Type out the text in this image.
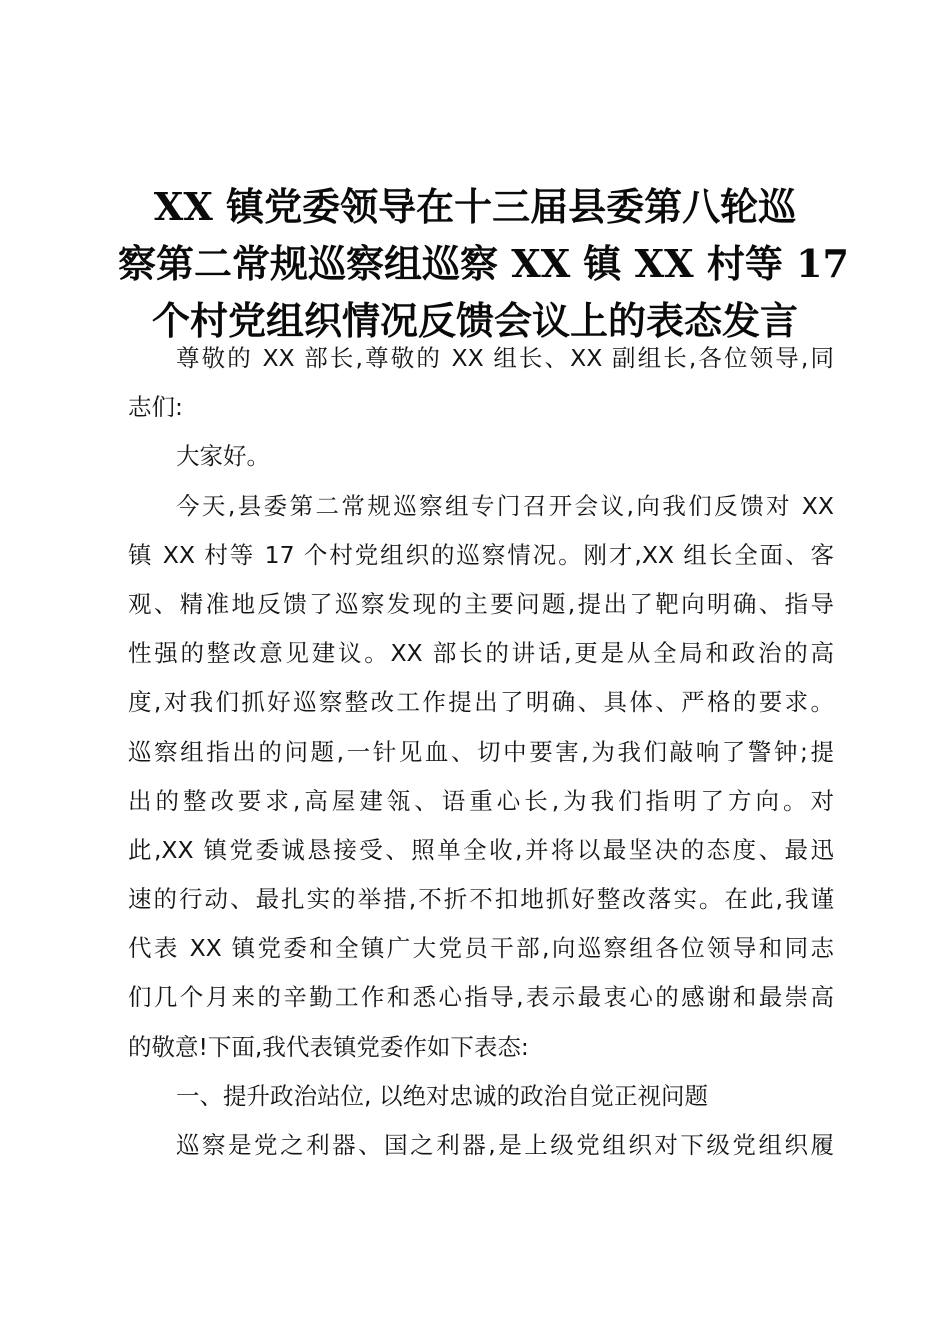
XX 镇党委领导在十三届县委第八轮巡
察第二常规巡察组巡察 XX 镇 XX 村等 17
个村党组织情况反馈会议上的表态发言
尊敬的 XX 部长,尊敬的 XX 组长、XX 副组长,各位领导,同
志们:
大家好。
今天,县委第二常规巡察组专门召开会议,向我们反馈对 XX
镇 XX 村等 17 个村党组织的巡察情况。刚才,XX 组长全面、客
观、精准地反馈了巡察发现的主要问题,提出了靶向明确、指导
性强的整改意见建议。XX 部长的讲话,更是从全局和政治的高
度,对我们抓好巡察整改工作提出了明确、具体、严格的要求。
巡察组指出的问题,一针见血、切中要害,为我们敲响了警钟;提
出的整改要求,高屋建瓴、语重心长,为我们指明了方向。对
此,XX 镇党委诚恳接受、照单全收,并将以最坚决的态度、最迅
速的行动、最扎实的举措,不折不扣地抓好整改落实。在此,我谨
代表 XX 镇党委和全镇广大党员干部,向巡察组各位领导和同志
们几个月来的辛勤工作和悉心指导,表示最衷心的感谢和最崇高
的敬意!下面,我代表镇党委作如下表态:
一、提升政治站位, 以绝对忠诚的政治自觉正视问题
巡察是党之利器、国之利器,是上级党组织对下级党组织履
